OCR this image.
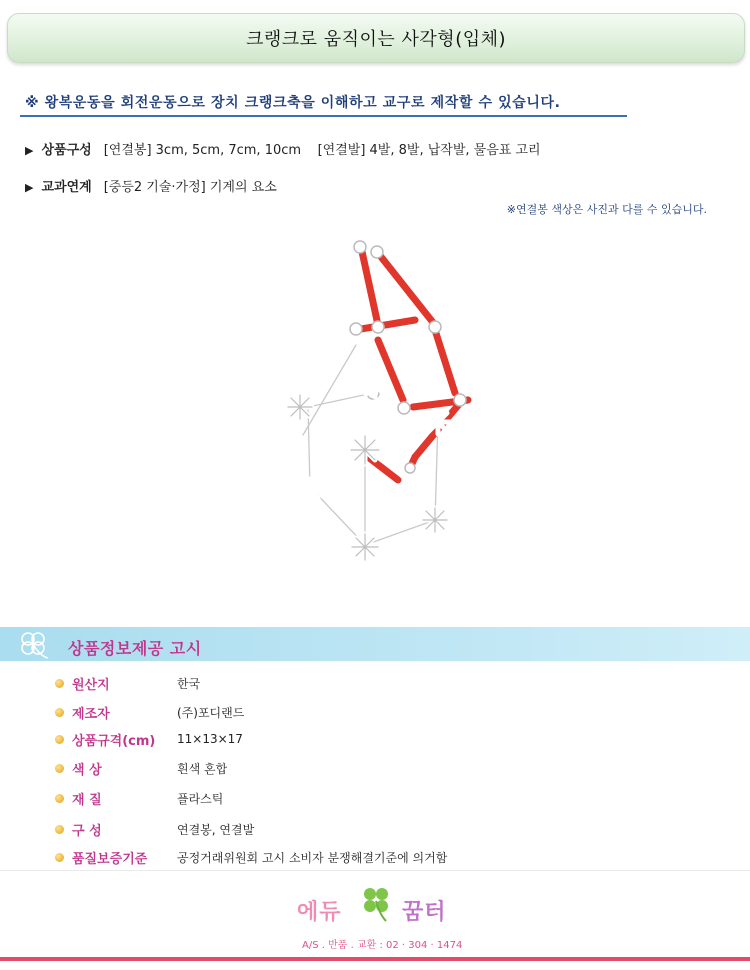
크랭크로 움직이는 사각형(입체)
※ 왕복운동을 회전운동으로 장치 크랭크축을 이해하고 교구로 제작할 수 있습니다.
▶ 상품구성 [연결봉] 3cm, 5cm, 7cm, 10cm    [연결발] 4발, 8발, 납작발, 물음표 고리
▶ 교과연계 [중등2 기술·가정] 기계의 요소
※연결봉 색상은 사진과 다를 수 있습니다.
상품정보제공 고시
원산지	한국
제조자	(주)포디랜드
상품규격(cm)	11×13×17
색 상	흰색 혼합
재 질	플라스틱
구 성	연결봉, 연결발
품질보증기준	공정거래위원회 고시 소비자 분쟁해결기준에 의거함
에듀	꿈터
A/S . 반품 . 교환 : 02 · 304 · 1474
